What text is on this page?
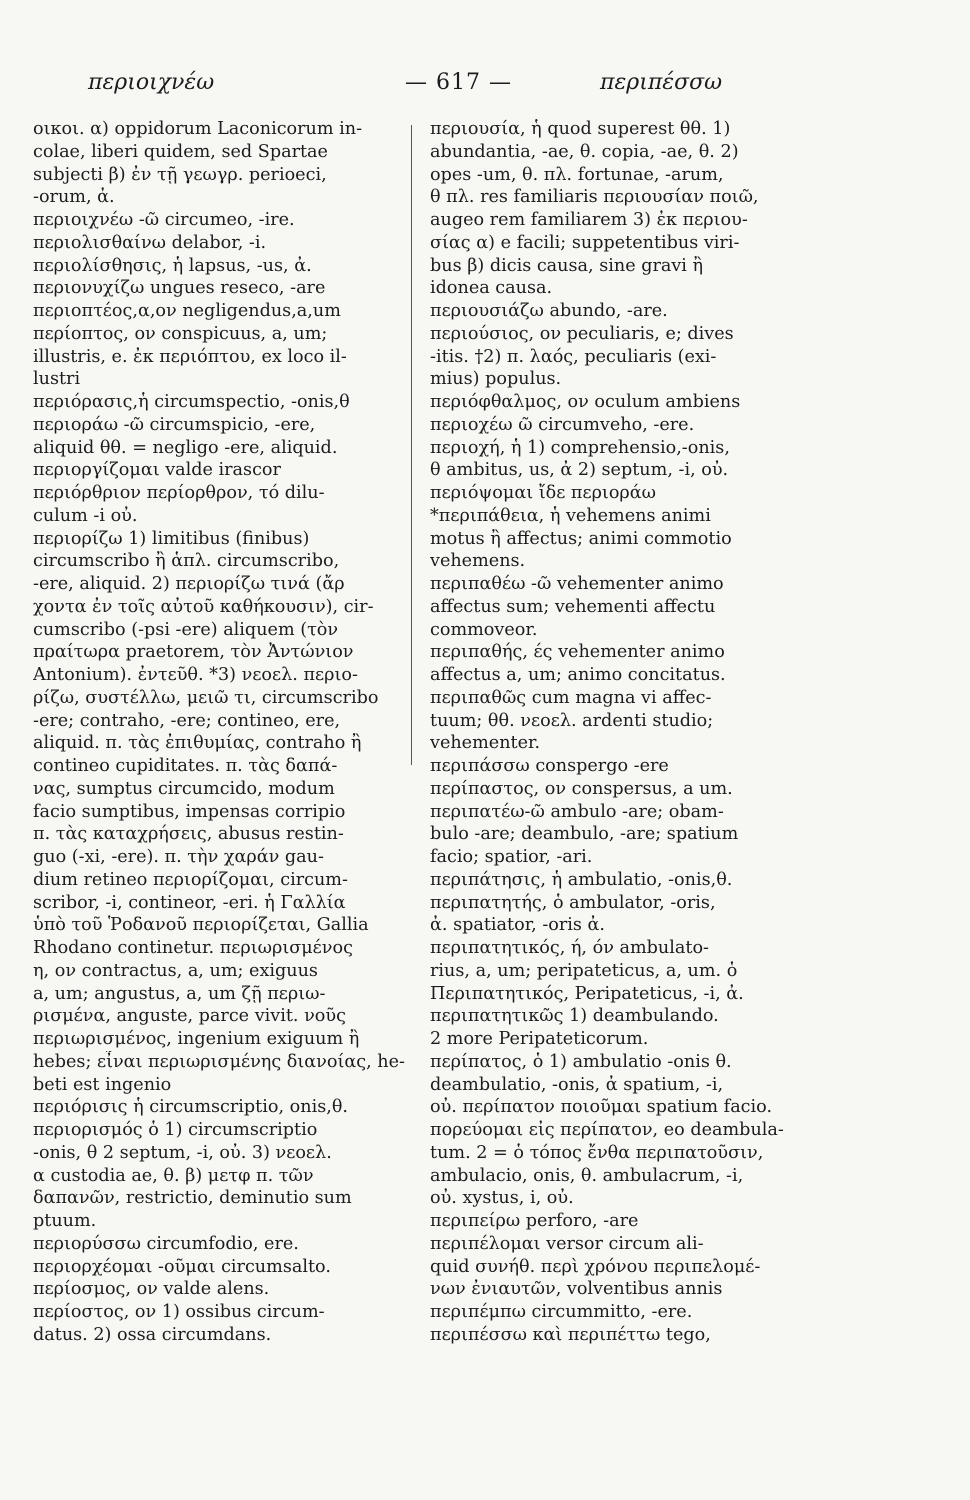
περιοιχνέω	— 617 —	περιπέσσω
οικοι. α) oppidorum Laconicorum in-
colae, liberi quidem, sed Spartae
subjecti β) ἐν τῇ γεωγρ. perioeci,
-orum, ἀ.
περιοιχνέω -ῶ circumeo, -ire.
περιολισθαίνω delabor, -i.
περιολίσθησις, ἡ lapsus, -us, ἀ.
περιονυχίζω ungues reseco, -are
περιοπτέος,α,ον negligendus,a,um
περίοπτος, ον conspicuus, a, um;
illustris, e. ἐκ περιόπτου, ex loco il-
lustri
περιόρασις,ἡ circumspectio, -onis,θ
περιοράω -ῶ circumspicio, -ere,
aliquid θθ. = negligo -ere, aliquid.
περιοργίζομαι valde irascor
περιόρθριον περίορθρον, τό dilu-
culum -i οὐ.
περιορίζω 1) limitibus (finibus)
circumscribo ἢ ἁπλ. circumscribo,
-ere, aliquid. 2) περιορίζω τινά (ἄρ
χοντα ἐν τοῖς αὐτοῦ καθήκουσιν), cir-
cumscribo (-psi -ere) aliquem (τὸν
πραίτωρα praetorem, τὸν Ἀντώνιον
Antonium). ἐντεῦθ. *3) νεοελ. περιο-
ρίζω, συστέλλω, μειῶ τι, circumscribo
-ere; contraho, -ere; contineo, ere,
aliquid. π. τὰς ἐπιθυμίας, contraho ἢ
contineo cupiditates. π. τὰς δαπά-
νας, sumptus circumcido, modum
facio sumptibus, impensas corripio
π. τὰς καταχρήσεις, abusus restin-
guo (-xi, -ere). π. τὴν χαράν gau-
dium retineo περιορίζομαι, circum-
scribor, -i, contineor, -eri. ἡ Γαλλία
ὑπὸ τοῦ Ῥοδανοῦ περιορίζεται, Gallia
Rhodano continetur. περιωρισμένος
η, ον contractus, a, um; exiguus
a, um; angustus, a, um ζῇ περιω-
ρισμένα, anguste, parce vivit. νοῦς
περιωρισμένος, ingenium exiguum ἢ
hebes; εἶναι περιωρισμένης διανοίας, he-
beti est ingenio
περιόρισις ἡ circumscriptio, onis,θ.
περιορισμός ὁ 1) circumscriptio
-onis, θ 2 septum, -i, οὐ. 3) νεοελ.
α custodia ae, θ. β) μετφ π. τῶν
δαπανῶν, restrictio, deminutio sum
ptuum.
περιορύσσω circumfodio, ere.
περιορχέομαι -οῦμαι circumsalto.
περίοσμος, ον valde alens.
περίοστος, ον 1) ossibus circum-
datus. 2) ossa circumdans.
περιουσία, ἡ quod superest θθ. 1)
abundantia, -ae, θ. copia, -ae, θ. 2)
opes -um, θ. πλ. fortunae, -arum,
θ πλ. res familiaris περιουσίαν ποιῶ,
augeo rem familiarem 3) ἐκ περιου-
σίας α) e facili; suppetentibus viri-
bus β) dicis causa, sine gravi ἢ
idonea causa.
περιουσιάζω abundo, -are.
περιούσιος, ον peculiaris, e; dives
-itis. †2) π. λαός, peculiaris (exi-
mius) populus.
περιόφθαλμος, ον oculum ambiens
περιοχέω ῶ circumveho, -ere.
περιοχή, ἡ 1) comprehensio,-onis,
θ ambitus, us, ἀ 2) septum, -i, οὐ.
περιόψομαι ἴδε περιοράω
*περιπάθεια, ἡ vehemens animi
motus ἢ affectus; animi commotio
vehemens.
περιπαθέω -ῶ vehementer animo
affectus sum; vehementi affectu
commoveor.
περιπαθής, ές vehementer animo
affectus a, um; animo concitatus.
περιπαθῶς cum magna vi affec-
tuum; θθ. νεοελ. ardenti studio;
vehementer.
περιπάσσω conspergo -ere
περίπαστος, ον conspersus, a um.
περιπατέω-ῶ ambulo -are; obam-
bulo -are; deambulo, -are; spatium
facio; spatior, -ari.
περιπάτησις, ἡ ambulatio, -onis,θ.
περιπατητής, ὁ ambulator, -oris,
ἀ. spatiator, -oris ἀ.
περιπατητικός, ή, όν ambulato-
rius, a, um; peripateticus, a, um. ὁ
Περιπατητικός, Peripateticus, -i, ἀ.
περιπατητικῶς 1) deambulando.
2 more Peripateticorum.
περίπατος, ὁ 1) ambulatio -onis θ.
deambulatio, -onis, ἀ spatium, -i,
οὐ. περίπατον ποιοῦμαι spatium facio.
πορεύομαι εἰς περίπατον, eo deambula-
tum. 2 = ὁ τόπος ἔνθα περιπατοῦσιν,
ambulacio, onis, θ. ambulacrum, -i,
οὐ. xystus, i, οὐ.
περιπείρω perforo, -are
περιπέλομαι versor circum ali-
quid συνήθ. περὶ χρόνου περιπελομέ-
νων ἐνιαυτῶν, volventibus annis
περιπέμπω circummitto, -ere.
περιπέσσω καὶ περιπέττω tego,
